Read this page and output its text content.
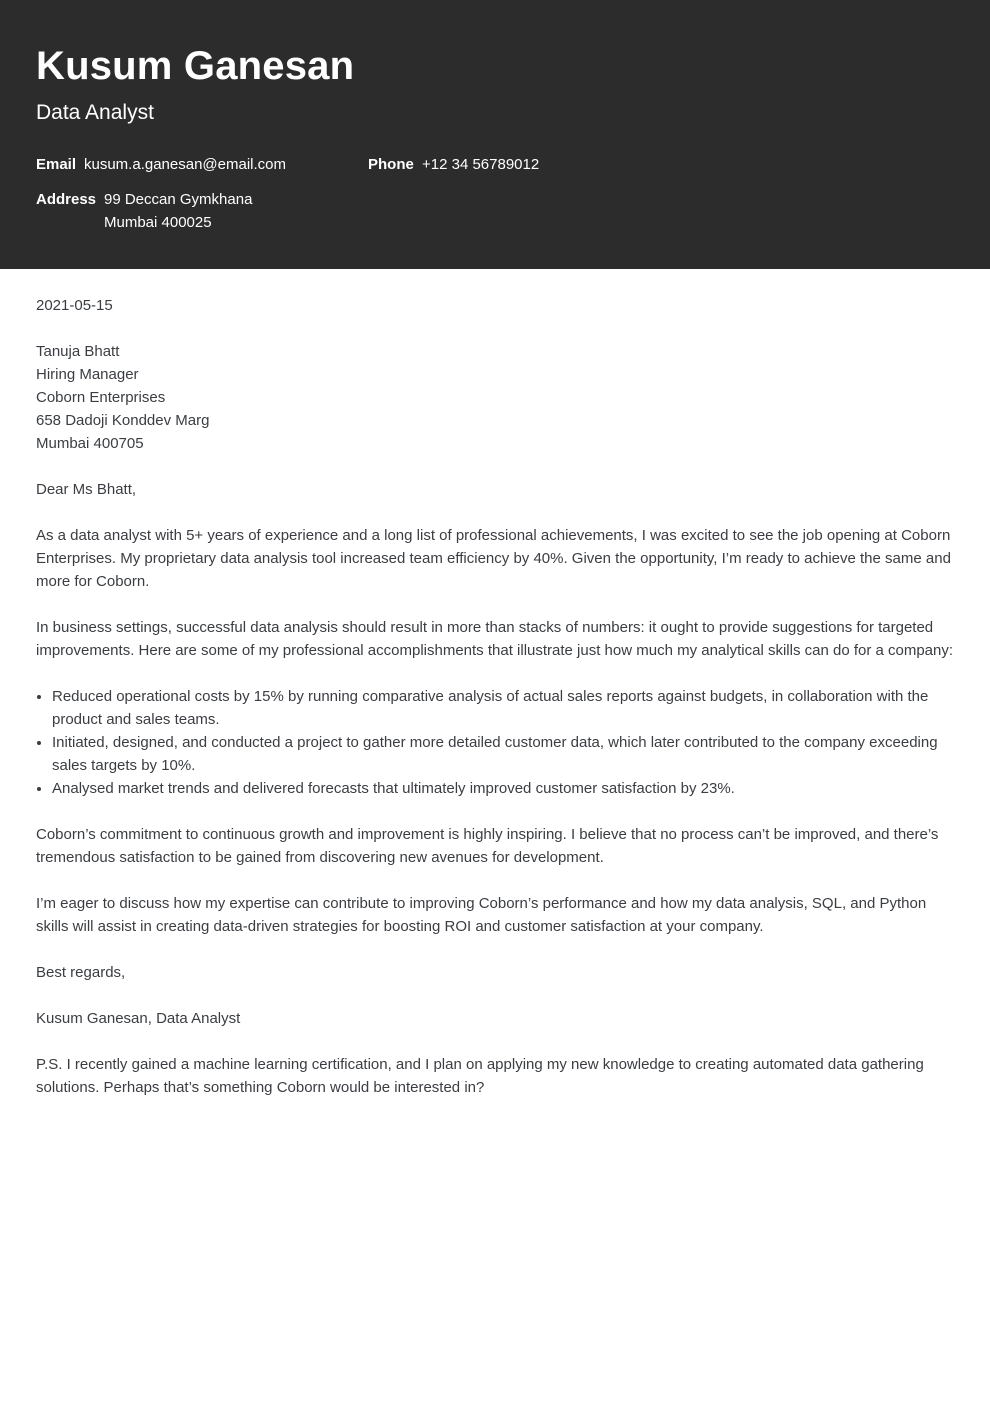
Kusum Ganesan
Data Analyst
Email kusum.a.ganesan@email.com	Phone +12 34 56789012
Address 99 Deccan Gymkhana
Mumbai 400025

2021-05-15

Tanuja Bhatt
Hiring Manager
Coborn Enterprises
658 Dadoji Konddev Marg
Mumbai 400705

Dear Ms Bhatt,

As a data analyst with 5+ years of experience and a long list of professional achievements, I was excited to see the job opening at Coborn Enterprises. My proprietary data analysis tool increased team efficiency by 40%. Given the opportunity, I’m ready to achieve the same and more for Coborn.

In business settings, successful data analysis should result in more than stacks of numbers: it ought to provide suggestions for targeted improvements. Here are some of my professional accomplishments that illustrate just how much my analytical skills can do for a company:

• Reduced operational costs by 15% by running comparative analysis of actual sales reports against budgets, in collaboration with the product and sales teams.
• Initiated, designed, and conducted a project to gather more detailed customer data, which later contributed to the company exceeding sales targets by 10%.
• Analysed market trends and delivered forecasts that ultimately improved customer satisfaction by 23%.

Coborn’s commitment to continuous growth and improvement is highly inspiring. I believe that no process can’t be improved, and there’s tremendous satisfaction to be gained from discovering new avenues for development.

I’m eager to discuss how my expertise can contribute to improving Coborn’s performance and how my data analysis, SQL, and Python skills will assist in creating data-driven strategies for boosting ROI and customer satisfaction at your company.

Best regards,

Kusum Ganesan, Data Analyst

P.S. I recently gained a machine learning certification, and I plan on applying my new knowledge to creating automated data gathering solutions. Perhaps that’s something Coborn would be interested in?
